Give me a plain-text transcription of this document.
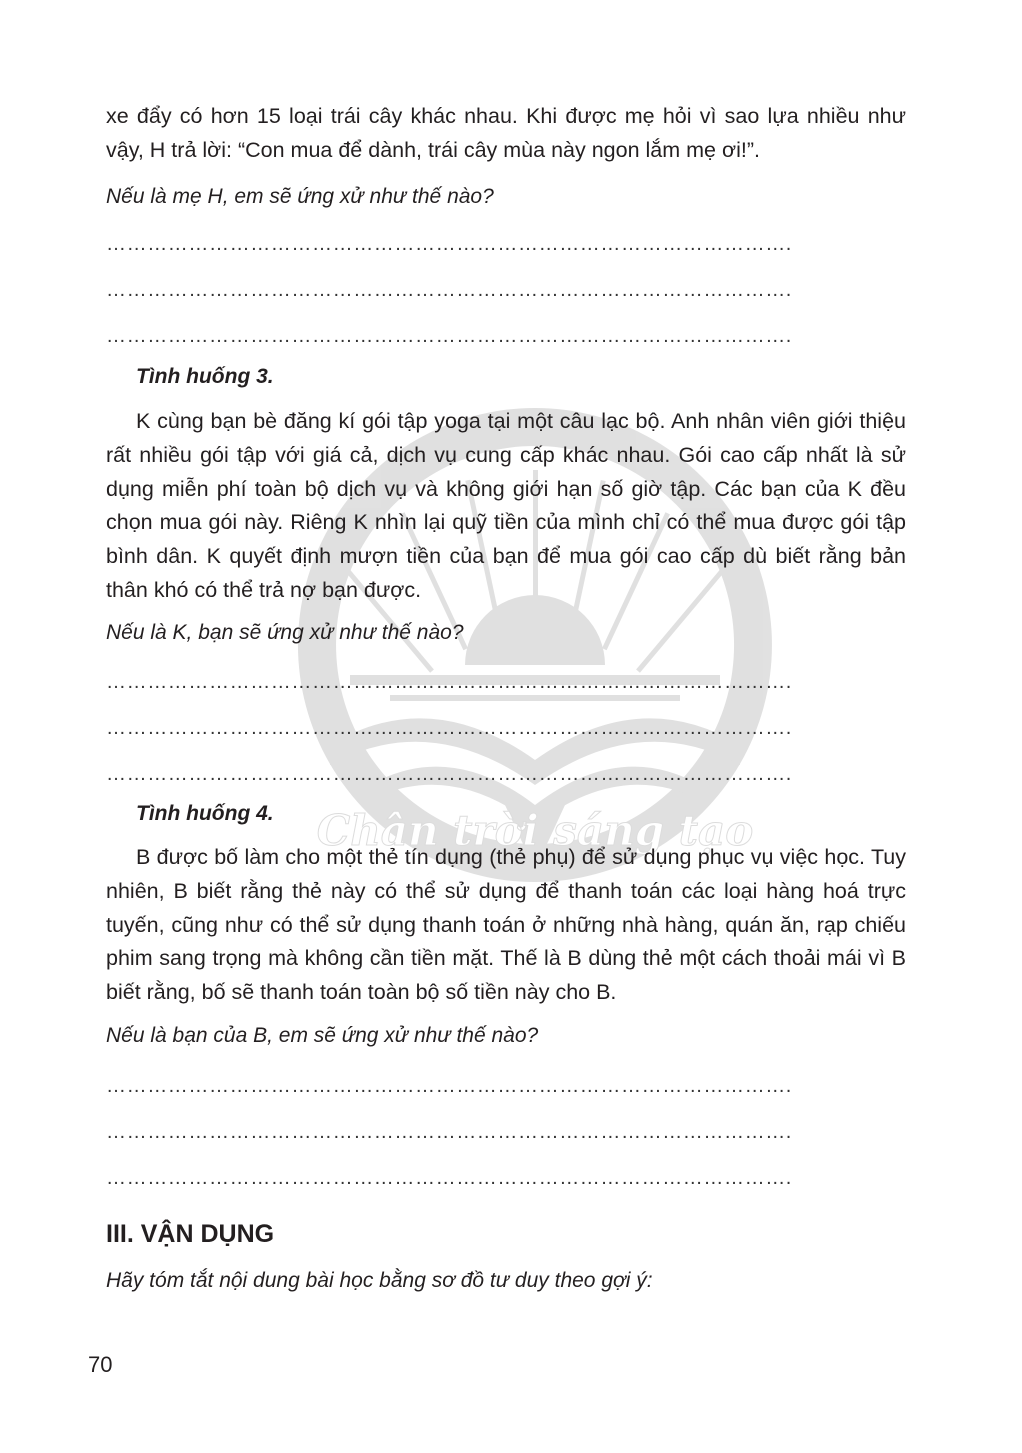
Chân trời sáng tạo

xe đẩy có hơn 15 loại trái cây khác nhau. Khi được mẹ hỏi vì sao lựa nhiều như vậy, H trả lời: “Con mua để dành, trái cây mùa này ngon lắm mẹ ơi!”.

Nếu là mẹ H, em sẽ ứng xử như thế nào?

……………………………………………………………………………………….

……………………………………………………………………………………….

……………………………………………………………………………………….

Tình huống 3.

K cùng bạn bè đăng kí gói tập yoga tại một câu lạc bộ. Anh nhân viên giới thiệu rất nhiều gói tập với giá cả, dịch vụ cung cấp khác nhau. Gói cao cấp nhất là sử dụng miễn phí toàn bộ dịch vụ và không giới hạn số giờ tập. Các bạn của K đều chọn mua gói này. Riêng K nhìn lại quỹ tiền của mình chỉ có thể mua được gói tập bình dân. K quyết định mượn tiền của bạn để mua gói cao cấp dù biết rằng bản thân khó có thể trả nợ bạn được.

Nếu là K, bạn sẽ ứng xử như thế nào?

……………………………………………………………………………………….

……………………………………………………………………………………….

……………………………………………………………………………………….

Tình huống 4.

B được bố làm cho một thẻ tín dụng (thẻ phụ) để sử dụng phục vụ việc học. Tuy nhiên, B biết rằng thẻ này có thể sử dụng để thanh toán các loại hàng hoá trực tuyến, cũng như có thể sử dụng thanh toán ở những nhà hàng, quán ăn, rạp chiếu phim sang trọng mà không cần tiền mặt. Thế là B dùng thẻ một cách thoải mái vì B biết rằng, bố sẽ thanh toán toàn bộ số tiền này cho B.

Nếu là bạn của B, em sẽ ứng xử như thế nào?

……………………………………………………………………………………….

……………………………………………………………………………………….

……………………………………………………………………………………….

III. VẬN DỤNG

Hãy tóm tắt nội dung bài học bằng sơ đồ tư duy theo gợi ý:

70
